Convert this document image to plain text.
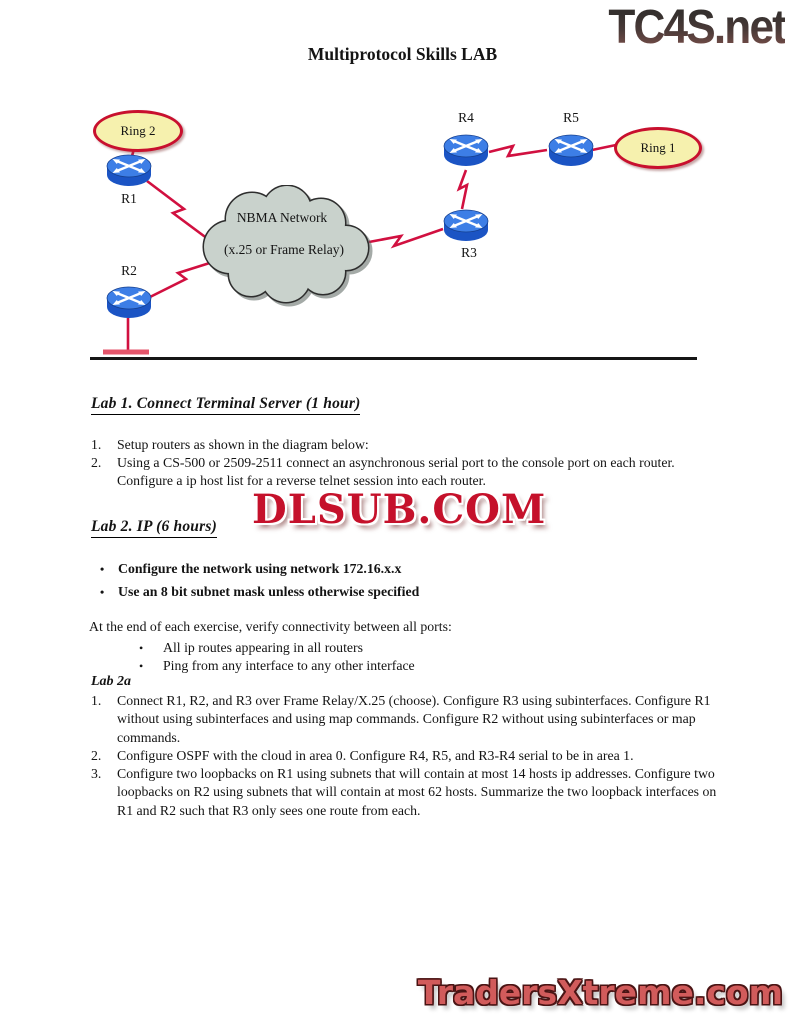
TC4S.net
DLSUB.COM
TradersXtreme.com
Multiprotocol Skills LAB
NBMA Network
(x.25 or Frame Relay)
Ring 2
Ring 1
R1
R2
R3
R4	R5
Lab 1. Connect Terminal Server (1 hour)
1.	Setup routers as shown in the diagram below:
2.	Using a CS-500 or 2509-2511 connect an asynchronous serial port to the console port on each router. Configure a ip host list for a reverse telnet session into each router.
Lab 2. IP (6 hours)
• Configure the network using network 172.16.x.x
• Use an 8 bit subnet mask unless otherwise specified
At the end of each exercise, verify connectivity between all ports:
•	All ip routes appearing in all routers
•	Ping from any interface to any other interface
Lab 2a
1.	Connect R1, R2, and R3 over Frame Relay/X.25 (choose). Configure R3 using subinterfaces. Configure R1 without using subinterfaces and using map commands. Configure R2 without using subinterfaces or map commands.
2.	Configure OSPF with the cloud in area 0. Configure R4, R5, and R3-R4 serial to be in area 1.
3.	Configure two loopbacks on R1 using subnets that will contain at most 14 hosts ip addresses. Configure two loopbacks on R2 using subnets that will contain at most 62 hosts. Summarize the two loopback interfaces on R1 and R2 such that R3 only sees one route from each.
